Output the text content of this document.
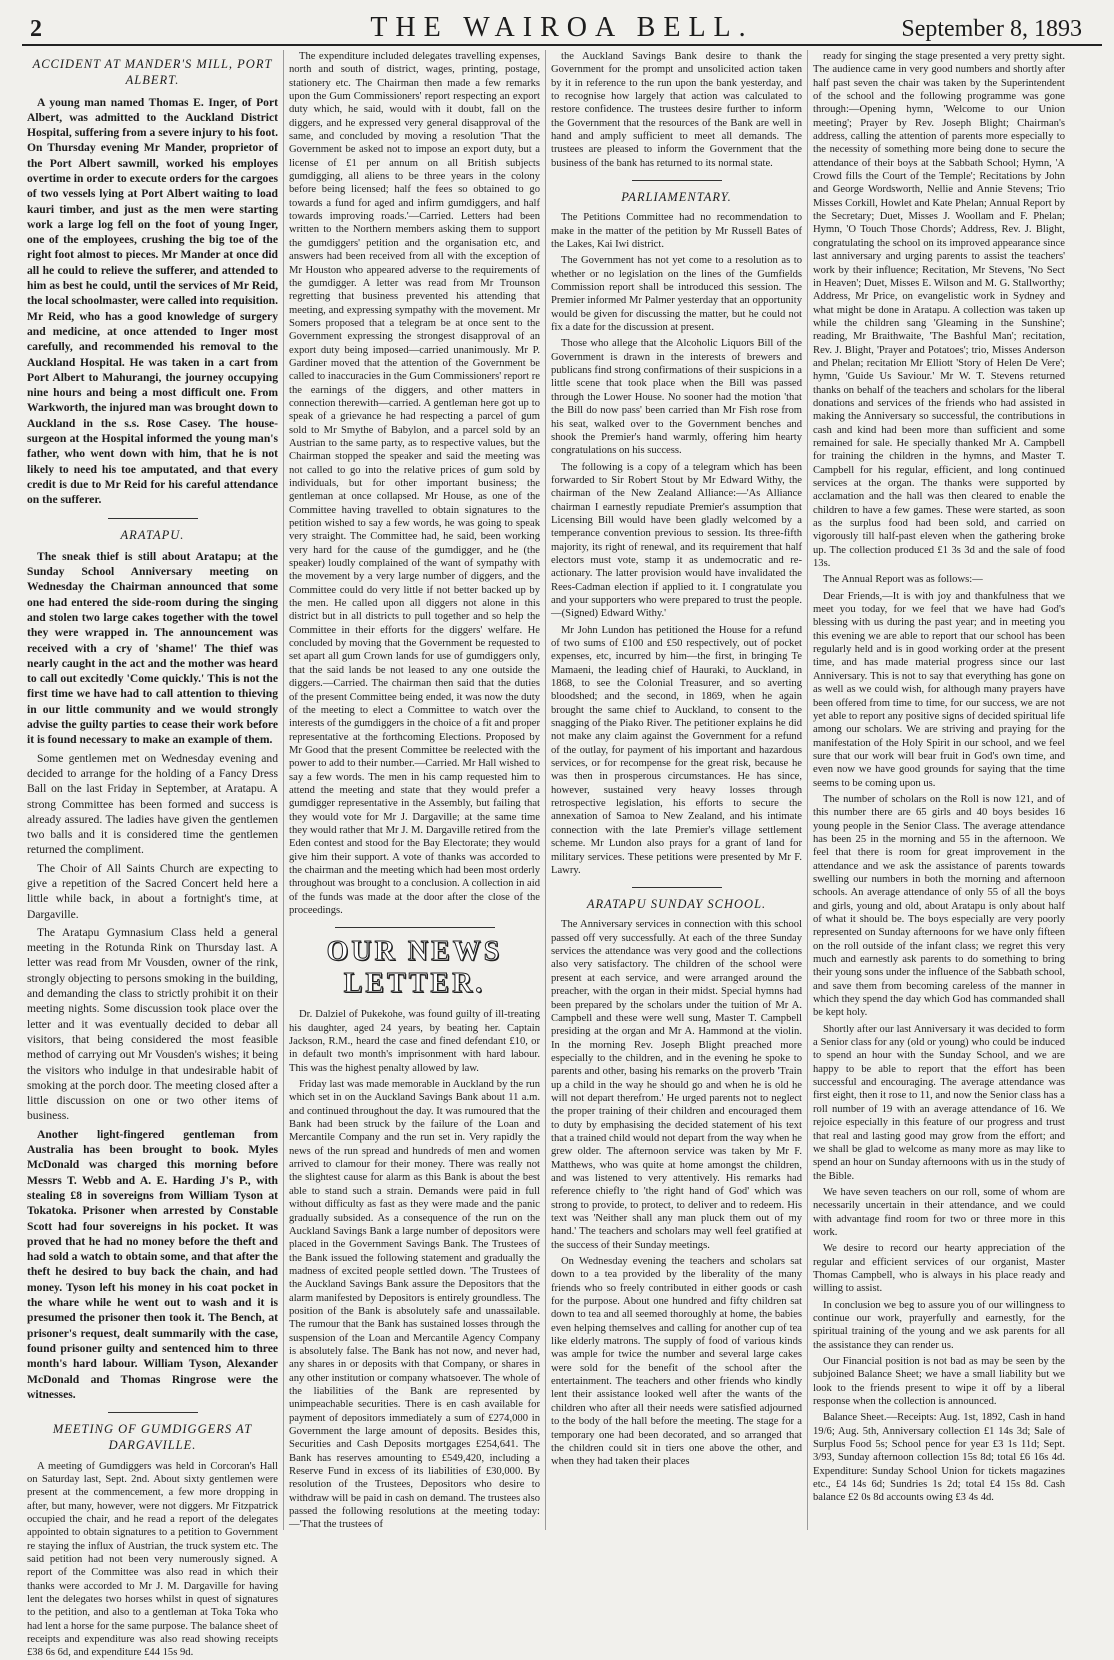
2	THE WAIROA BELL.	September 8, 1893
ACCIDENT AT MANDER'S MILL, PORT ALBERT.

A young man named Thomas E. Inger, of Port Albert, was admitted to the Auckland District Hospital, suffering from a severe injury to his foot. On Thursday evening Mr Mander, proprietor of the Port Albert sawmill, worked his employes overtime in order to execute orders for the cargoes of two vessels lying at Port Albert waiting to load kauri timber, and just as the men were starting work a large log fell on the foot of young Inger, one of the employees, crushing the big toe of the right foot almost to pieces. Mr Mander at once did all he could to relieve the sufferer, and attended to him as best he could, until the services of Mr Reid, the local schoolmaster, were called into requisition. Mr Reid, who has a good knowledge of surgery and medicine, at once attended to Inger most carefully, and recommended his removal to the Auckland Hospital. He was taken in a cart from Port Albert to Mahurangi, the journey occupying nine hours and being a most difficult one. From Warkworth, the injured man was brought down to Auckland in the s.s. Rose Casey. The house-surgeon at the Hospital informed the young man's father, who went down with him, that he is not likely to need his toe amputated, and that every credit is due to Mr Reid for his careful attendance on the sufferer.

ARATAPU.

The sneak thief is still about Aratapu; at the Sunday School Anniversary meeting on Wednesday the Chairman announced that some one had entered the side-room during the singing and stolen two large cakes together with the towel they were wrapped in. The announcement was received with a cry of 'shame!' The thief was nearly caught in the act and the mother was heard to call out excitedly 'Come quickly.' This is not the first time we have had to call attention to thieving in our little community and we would strongly advise the guilty parties to cease their work before it is found necessary to make an example of them.

Some gentlemen met on Wednesday evening and decided to arrange for the holding of a Fancy Dress Ball on the last Friday in September, at Aratapu. A strong Committee has been formed and success is already assured. The ladies have given the gentlemen two balls and it is considered time the gentlemen returned the compliment.

The Choir of All Saints Church are expecting to give a repetition of the Sacred Concert held here a little while back, in about a fortnight's time, at Dargaville.

The Aratapu Gymnasium Class held a general meeting in the Rotunda Rink on Thursday last. A letter was read from Mr Vousden, owner of the rink, strongly objecting to persons smoking in the building, and demanding the class to strictly prohibit it on their meeting nights. Some discussion took place over the letter and it was eventually decided to debar all visitors, that being considered the most feasible method of carrying out Mr Vousden's wishes; it being the visitors who indulge in that undesirable habit of smoking at the porch door. The meeting closed after a little discussion on one or two other items of business.

Another light-fingered gentleman from Australia has been brought to book. Myles McDonald was charged this morning before Messrs T. Webb and A. E. Harding J's P., with stealing £8 in sovereigns from William Tyson at Tokatoka. Prisoner when arrested by Constable Scott had four sovereigns in his pocket. It was proved that he had no money before the theft and had sold a watch to obtain some, and that after the theft he desired to buy back the chain, and had money. Tyson left his money in his coat pocket in the whare while he went out to wash and it is presumed the prisoner then took it. The Bench, at prisoner's request, dealt summarily with the case, found prisoner guilty and sentenced him to three month's hard labour. William Tyson, Alexander McDonald and Thomas Ringrose were the witnesses.

MEETING OF GUMDIGGERS AT DARGAVILLE.

A meeting of Gumdiggers was held in Corcoran's Hall on Saturday last, Sept. 2nd. About sixty gentlemen were present at the commencement, a few more dropping in after, but many, however, were not diggers. Mr Fitzpatrick occupied the chair, and he read a report of the delegates appointed to obtain signatures to a petition to Government re staying the influx of Austrian, the truck system etc. The said petition had not been very numerously signed. A report of the Committee was also read in which their thanks were accorded to Mr J. M. Dargaville for having lent the delegates two horses whilst in quest of signatures to the petition, and also to a gentleman at Toka Toka who had lent a horse for the same purpose. The balance sheet of receipts and expenditure was also read showing receipts £38 6s 6d, and expenditure £44 15s 9d.

The expenditure included delegates travelling expenses, north and south of district, wages, printing, postage, stationery etc. The Chairman then made a few remarks upon the Gum Commissioners' report respecting an export duty which, he said, would with it doubt, fall on the diggers, and he expressed very general disapproval of the same, and concluded by moving a resolution 'That the Government be asked not to impose an export duty, but a license of £1 per annum on all British subjects gumdigging, all aliens to be three years in the colony before being licensed; half the fees so obtained to go towards a fund for aged and infirm gumdiggers, and half towards improving roads.'—Carried. Letters had been written to the Northern members asking them to support the gumdiggers' petition and the organisation etc, and answers had been received from all with the exception of Mr Houston who appeared adverse to the requirements of the gumdigger. A letter was read from Mr Trounson regretting that business prevented his attending that meeting, and expressing sympathy with the movement. Mr Somers proposed that a telegram be at once sent to the Government expressing the strongest disapproval of an export duty being imposed—carried unanimously. Mr P. Gardiner moved that the attention of the Government be called to inaccuracies in the Gum Commissioners' report re the earnings of the diggers, and other matters in connection therewith—carried. A gentleman here got up to speak of a grievance he had respecting a parcel of gum sold to Mr Smythe of Babylon, and a parcel sold by an Austrian to the same party, as to respective values, but the Chairman stopped the speaker and said the meeting was not called to go into the relative prices of gum sold by individuals, but for other important business; the gentleman at once collapsed. Mr House, as one of the Committee having travelled to obtain signatures to the petition wished to say a few words, he was going to speak very straight. The Committee had, he said, been working very hard for the cause of the gumdigger, and he (the speaker) loudly complained of the want of sympathy with the movement by a very large number of diggers, and the Committee could do very little if not better backed up by the men. He called upon all diggers not alone in this district but in all districts to pull together and so help the Committee in their efforts for the diggers' welfare. He concluded by moving that the Government be requested to set apart all gum Crown lands for use of gumdiggers only, that the said lands be not leased to any one outside the diggers.—Carried. The chairman then said that the duties of the present Committee being ended, it was now the duty of the meeting to elect a Committee to watch over the interests of the gumdiggers in the choice of a fit and proper representative at the forthcoming Elections. Proposed by Mr Good that the present Committee be reelected with the power to add to their number.—Carried. Mr Hall wished to say a few words. The men in his camp requested him to attend the meeting and state that they would prefer a gumdigger representative in the Assembly, but failing that they would vote for Mr J. Dargaville; at the same time they would rather that Mr J. M. Dargaville retired from the Eden contest and stood for the Bay Electorate; they would give him their support. A vote of thanks was accorded to the chairman and the meeting which had been most orderly throughout was brought to a conclusion. A collection in aid of the funds was made at the door after the close of the proceedings.

OUR NEWS LETTER.

Dr. Dalziel of Pukekohe, was found guilty of ill-treating his daughter, aged 24 years, by beating her. Captain Jackson, R.M., heard the case and fined defendant £10, or in default two month's imprisonment with hard labour. This was the highest penalty allowed by law.

Friday last was made memorable in Auckland by the run which set in on the Auckland Savings Bank about 11 a.m. and continued throughout the day. It was rumoured that the Bank had been struck by the failure of the Loan and Mercantile Company and the run set in. Very rapidly the news of the run spread and hundreds of men and women arrived to clamour for their money. There was really not the slightest cause for alarm as this Bank is about the best able to stand such a strain. Demands were paid in full without difficulty as fast as they were made and the panic gradually subsided. As a consequence of the run on the Auckland Savings Bank a large number of depositors were placed in the Government Savings Bank. The Trustees of the Bank issued the following statement and gradually the madness of excited people settled down. 'The Trustees of the Auckland Savings Bank assure the Depositors that the alarm manifested by Depositors is entirely groundless. The position of the Bank is absolutely safe and unassailable. The rumour that the Bank has sustained losses through the suspension of the Loan and Mercantile Agency Company is absolutely false. The Bank has not now, and never had, any shares in or deposits with that Company, or shares in any other institution or company whatsoever. The whole of the liabilities of the Bank are represented by unimpeachable securities. There is en cash available for payment of depositors immediately a sum of £274,000 in Government the large amount of deposits. Besides this, Securities and Cash Deposits mortgages £254,641. The Bank has reserves amounting to £549,420, including a Reserve Fund in excess of its liabilities of £30,000. By resolution of the Trustees, Depositors who desire to withdraw will be paid in cash on demand. The trustees also passed the following resolutions at the meeting today:—'That the trustees of

the Auckland Savings Bank desire to thank the Government for the prompt and unsolicited action taken by it in reference to the run upon the bank yesterday, and to recognise how largely that action was calculated to restore confidence. The trustees desire further to inform the Government that the resources of the Bank are well in hand and amply sufficient to meet all demands. The trustees are pleased to inform the Government that the business of the bank has returned to its normal state.

PARLIAMENTARY.

The Petitions Committee had no recommendation to make in the matter of the petition by Mr Russell Bates of the Lakes, Kai Iwi district.

The Government has not yet come to a resolution as to whether or no legislation on the lines of the Gumfields Commission report shall be introduced this session. The Premier informed Mr Palmer yesterday that an opportunity would be given for discussing the matter, but he could not fix a date for the discussion at present.

Those who allege that the Alcoholic Liquors Bill of the Government is drawn in the interests of brewers and publicans find strong confirmations of their suspicions in a little scene that took place when the Bill was passed through the Lower House. No sooner had the motion 'that the Bill do now pass' been carried than Mr Fish rose from his seat, walked over to the Government benches and shook the Premier's hand warmly, offering him hearty congratulations on his success.

The following is a copy of a telegram which has been forwarded to Sir Robert Stout by Mr Edward Withy, the chairman of the New Zealand Alliance:—'As Alliance chairman I earnestly repudiate Premier's assumption that Licensing Bill would have been gladly welcomed by a temperance convention previous to session. Its three-fifth majority, its right of renewal, and its requirement that half electors must vote, stamp it as undemocratic and re-actionary. The latter provision would have invalidated the Rees-Cadman election if applied to it. I congratulate you and your supporters who were prepared to trust the people.—(Signed) Edward Withy.'

Mr John Lundon has petitioned the House for a refund of two sums of £100 and £50 respectively, out of pocket expenses, etc, incurred by him—the first, in bringing Te Mamaeni, the leading chief of Hauraki, to Auckland, in 1868, to see the Colonial Treasurer, and so averting bloodshed; and the second, in 1869, when he again brought the same chief to Auckland, to consent to the snagging of the Piako River. The petitioner explains he did not make any claim against the Government for a refund of the outlay, for payment of his important and hazardous services, or for recompense for the great risk, because he was then in prosperous circumstances. He has since, however, sustained very heavy losses through retrospective legislation, his efforts to secure the annexation of Samoa to New Zealand, and his intimate connection with the late Premier's village settlement scheme. Mr Lundon also prays for a grant of land for military services. These petitions were presented by Mr F. Lawry.

ARATAPU SUNDAY SCHOOL.

The Anniversary services in connection with this school passed off very successfully. At each of the three Sunday services the attendance was very good and the collections also very satisfactory. The children of the school were present at each service, and were arranged around the preacher, with the organ in their midst. Special hymns had been prepared by the scholars under the tuition of Mr A. Campbell and these were well sung, Master T. Campbell presiding at the organ and Mr A. Hammond at the violin. In the morning Rev. Joseph Blight preached more especially to the children, and in the evening he spoke to parents and other, basing his remarks on the proverb 'Train up a child in the way he should go and when he is old he will not depart therefrom.' He urged parents not to neglect the proper training of their children and encouraged them to duty by emphasising the decided statement of his text that a trained child would not depart from the way when he grew older. The afternoon service was taken by Mr F. Matthews, who was quite at home amongst the children, and was listened to very attentively. His remarks had reference chiefly to 'the right hand of God' which was strong to provide, to protect, to deliver and to redeem. His text was 'Neither shall any man pluck them out of my hand.' The teachers and scholars may well feel gratified at the success of their Sunday meetings.

On Wednesday evening the teachers and scholars sat down to a tea provided by the liberality of the many friends who so freely contributed in either goods or cash for the purpose. About one hundred and fifty children sat down to tea and all seemed thoroughly at home, the babies even helping themselves and calling for another cup of tea like elderly matrons. The supply of food of various kinds was ample for twice the number and several large cakes were sold for the benefit of the school after the entertainment. The teachers and other friends who kindly lent their assistance looked well after the wants of the children who after all their needs were satisfied adjourned to the body of the hall before the meeting. The stage for a temporary one had been decorated, and so arranged that the children could sit in tiers one above the other, and when they had taken their places

ready for singing the stage presented a very pretty sight. The audience came in very good numbers and shortly after half past seven the chair was taken by the Superintendent of the school and the following programme was gone through:—Opening hymn, 'Welcome to our Union meeting'; Prayer by Rev. Joseph Blight; Chairman's address, calling the attention of parents more especially to the necessity of something more being done to secure the attendance of their boys at the Sabbath School; Hymn, 'A Crowd fills the Court of the Temple'; Recitations by John and George Wordsworth, Nellie and Annie Stevens; Trio Misses Corkill, Howlet and Kate Phelan; Annual Report by the Secretary; Duet, Misses J. Woollam and F. Phelan; Hymn, 'O Touch Those Chords'; Address, Rev. J. Blight, congratulating the school on its improved appearance since last anniversary and urging parents to assist the teachers' work by their influence; Recitation, Mr Stevens, 'No Sect in Heaven'; Duet, Misses E. Wilson and M. G. Stallworthy; Address, Mr Price, on evangelistic work in Sydney and what might be done in Aratapu. A collection was taken up while the children sang 'Gleaming in the Sunshine'; reading, Mr Braithwaite, 'The Bashful Man'; recitation, Rev. J. Blight, 'Prayer and Potatoes'; trio, Misses Anderson and Phelan; recitation Mr Elliott 'Story of Helen De Vere'; hymn, 'Guide Us Saviour.' Mr W. T. Stevens returned thanks on behalf of the teachers and scholars for the liberal donations and services of the friends who had assisted in making the Anniversary so successful, the contributions in cash and kind had been more than sufficient and some remained for sale. He specially thanked Mr A. Campbell for training the children in the hymns, and Master T. Campbell for his regular, efficient, and long continued services at the organ. The thanks were supported by acclamation and the hall was then cleared to enable the children to have a few games. These were started, as soon as the surplus food had been sold, and carried on vigorously till half-past eleven when the gathering broke up. The collection produced £1 3s 3d and the sale of food 13s.

The Annual Report was as follows:—

Dear Friends,—It is with joy and thankfulness that we meet you today, for we feel that we have had God's blessing with us during the past year; and in meeting you this evening we are able to report that our school has been regularly held and is in good working order at the present time, and has made material progress since our last Anniversary. This is not to say that everything has gone on as well as we could wish, for although many prayers have been offered from time to time, for our success, we are not yet able to report any positive signs of decided spiritual life among our scholars. We are striving and praying for the manifestation of the Holy Spirit in our school, and we feel sure that our work will bear fruit in God's own time, and even now we have good grounds for saying that the time seems to be coming upon us.

The number of scholars on the Roll is now 121, and of this number there are 65 girls and 40 boys besides 16 young people in the Senior Class. The average attendance has been 25 in the morning and 55 in the afternoon. We feel that there is room for great improvement in the attendance and we ask the assistance of parents towards swelling our numbers in both the morning and afternoon schools. An average attendance of only 55 of all the boys and girls, young and old, about Aratapu is only about half of what it should be. The boys especially are very poorly represented on Sunday afternoons for we have only fifteen on the roll outside of the infant class; we regret this very much and earnestly ask parents to do something to bring their young sons under the influence of the Sabbath school, and save them from becoming careless of the manner in which they spend the day which God has commanded shall be kept holy.

Shortly after our last Anniversary it was decided to form a Senior class for any (old or young) who could be induced to spend an hour with the Sunday School, and we are happy to be able to report that the effort has been successful and encouraging. The average attendance was first eight, then it rose to 11, and now the Senior class has a roll number of 19 with an average attendance of 16. We rejoice especially in this feature of our progress and trust that real and lasting good may grow from the effort; and we shall be glad to welcome as many more as may like to spend an hour on Sunday afternoons with us in the study of the Bible.

We have seven teachers on our roll, some of whom are necessarily uncertain in their attendance, and we could with advantage find room for two or three more in this work.

We desire to record our hearty appreciation of the regular and efficient services of our organist, Master Thomas Campbell, who is always in his place ready and willing to assist.

In conclusion we beg to assure you of our willingness to continue our work, prayerfully and earnestly, for the spiritual training of the young and we ask parents for all the assistance they can render us.

Our Financial position is not bad as may be seen by the subjoined Balance Sheet; we have a small liability but we look to the friends present to wipe it off by a liberal response when the collection is announced.

Balance Sheet.—Receipts: Aug. 1st, 1892, Cash in hand 19/6; Aug. 5th, Anniversary collection £1 14s 3d; Sale of Surplus Food 5s; School pence for year £3 1s 11d; Sept. 3/93, Sunday afternoon collection 15s 8d; total £6 16s 4d. Expenditure: Sunday School Union for tickets magazines etc., £4 14s 6d; Sundries 1s 2d; total £4 15s 8d. Cash balance £2 0s 8d accounts owing £3 4s 4d.
